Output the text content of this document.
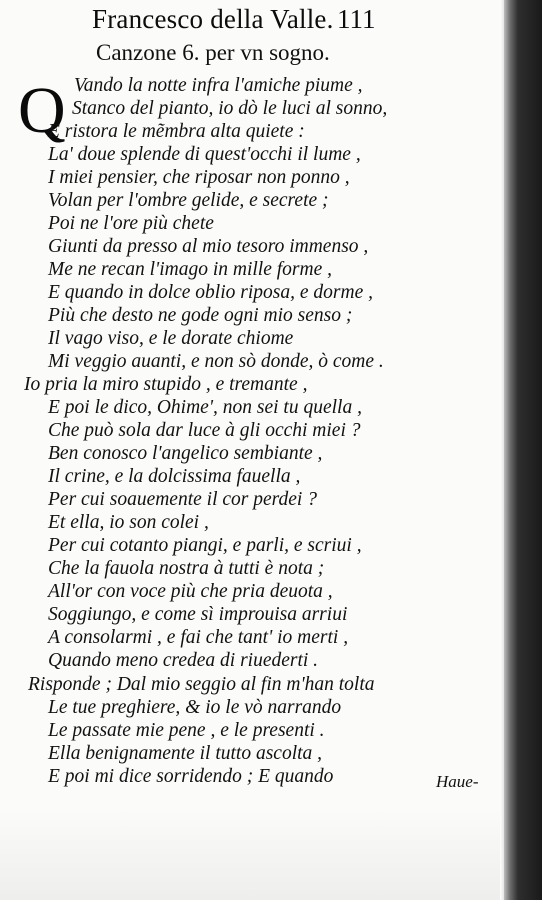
Francesco della Valle. 111
Canzone 6. per vn sogno.
Q Vando la notte infra l'amiche piume ,
Stanco del pianto, io dò le luci al sonno,
E ristora le mẽmbra alta quiete :
La' doue splende di quest'occhi il lume ,
I miei pensier, che riposar non ponno ,
Volan per l'ombre gelide, e secrete ;
Poi ne l'ore più chete
Giunti da presso al mio tesoro immenso ,
Me ne recan l'imago in mille forme ,
E quando in dolce oblio riposa, e dorme ,
Più che desto ne gode ogni mio senso ;
Il vago viso, e le dorate chiome
Mi veggio auanti, e non sò donde, ò come .
Io pria la miro stupido , e tremante ,
E poi le dico, Ohime', non sei tu quella ,
Che può sola dar luce à gli occhi miei ?
Ben conosco l'angelico sembiante ,
Il crine, e la dolcissima fauella ,
Per cui soauemente il cor perdei ?
Et ella, io son colei ,
Per cui cotanto piangi, e parli, e scriui ,
Che la fauola nostra à tutti è nota ;
All'or con voce più che pria deuota ,
Soggiungo, e come sì improuisa arriui
A consolarmi , e fai che tant' io merti ,
Quando meno credea di riuederti .
Risponde ; Dal mio seggio al fin m'han tolta
Le tue preghiere, & io le vò narrando
Le passate mie pene , e le presenti .
Ella benignamente il tutto ascolta ,
E poi mi dice sorridendo ; E quando	Haue-
